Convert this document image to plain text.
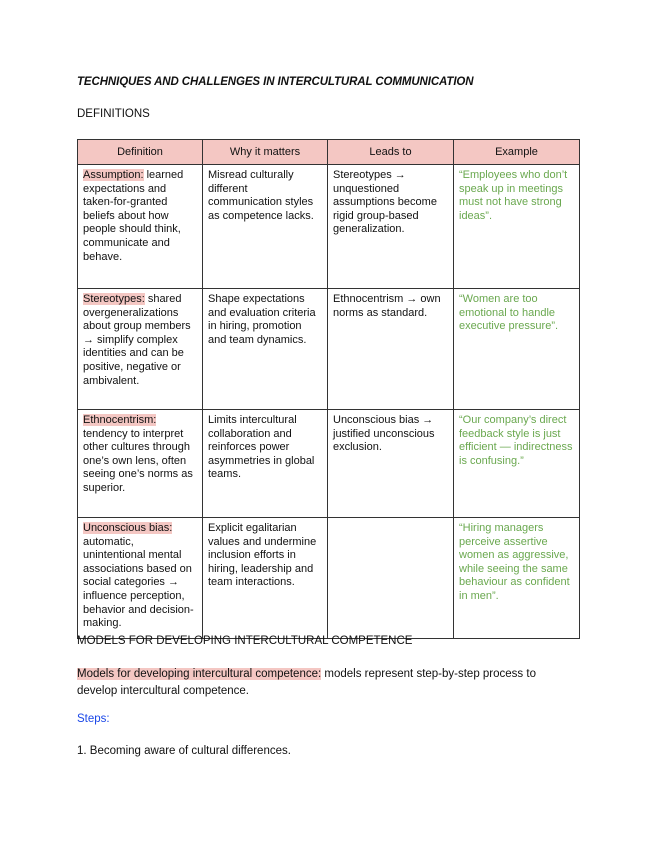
TECHNIQUES AND CHALLENGES IN INTERCULTURAL COMMUNICATION
DEFINITIONS
Definition	Why it matters	Leads to	Example
Assumption: learned expectations and taken-for-granted beliefs about how people should think, communicate and behave.	Misread culturally different communication styles as competence lacks.	Stereotypes → unquestioned assumptions become rigid group-based generalization.	“Employees who don’t speak up in meetings must not have strong ideas”.
Stereotypes: shared overgeneralizations about group members → simplify complex identities and can be positive, negative or ambivalent.	Shape expectations and evaluation criteria in hiring, promotion and team dynamics.	Ethnocentrism → own norms as standard.	“Women are too emotional to handle executive pressure”.
Ethnocentrism: tendency to interpret other cultures through one’s own lens, often seeing one’s norms as superior.	Limits intercultural collaboration and reinforces power asymmetries in global teams.	Unconscious bias → justified unconscious exclusion.	“Our company’s direct feedback style is just efficient — indirectness is confusing.”
Unconscious bias: automatic, unintentional mental associations based on social categories → influence perception, behavior and decision-making.	Explicit egalitarian values and undermine inclusion efforts in hiring, leadership and team interactions.		“Hiring managers perceive assertive women as aggressive, while seeing the same behaviour as confident in men”.
MODELS FOR DEVELOPING INTERCULTURAL COMPETENCE
Models for developing intercultural competence: models represent step-by-step process to develop intercultural competence.
Steps:
1. Becoming aware of cultural differences.
